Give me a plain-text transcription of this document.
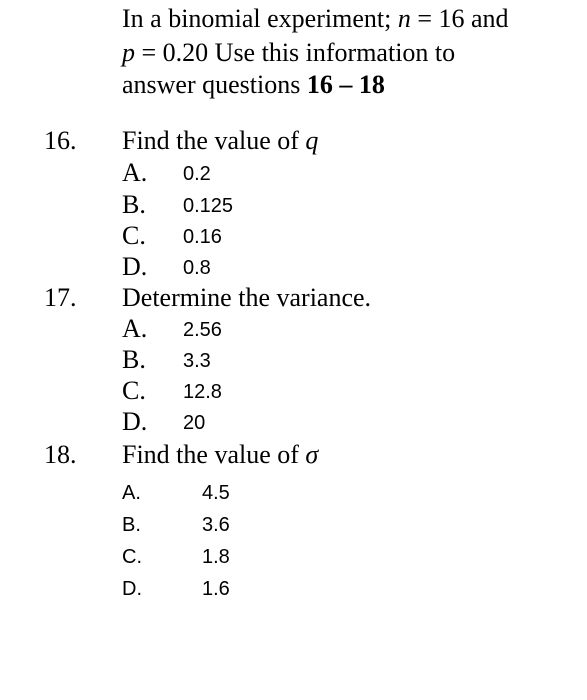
In a binomial experiment; n = 16 and
p = 0.20 Use this information to
answer questions 16 – 18
16. Find the value of q
A. 0.2
B. 0.125
C. 0.16
D. 0.8
17. Determine the variance.
A. 2.56
B. 3.3
C. 12.8
D. 20
18. Find the value of σ
A.	4.5
B.	3.6
C.	1.8
D.	1.6
